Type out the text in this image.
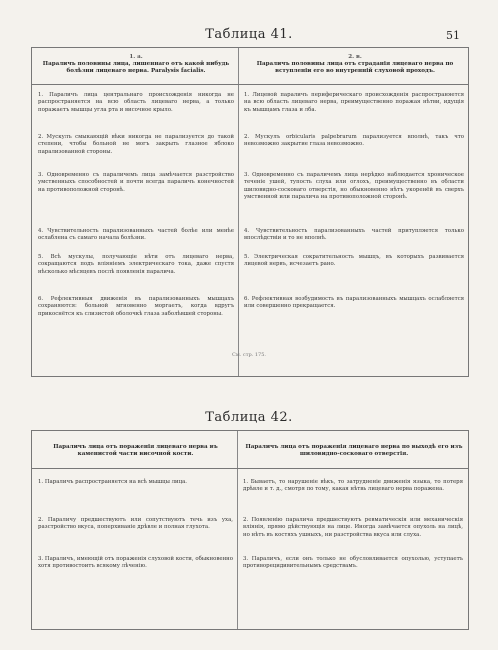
51
Таблица 41.
1. a.
Параличъ половины лица, лишеннаго отъ какой нибудь болѣзни лицеваго нерва. Paralysis facialis.
2. в.
Параличъ половины лица отъ страданія лицеваго нерва по вступленіи его во внутренній слуховой проходъ.
1. Параличъ лица центральнаго происхожденія никогда не распространяется на всю область лицеваго нерва, а только поражаетъ мышцы угла рта и височное крыло.
2. Мускулъ смыкающій вѣки никогда не парализуется до такой степени, чтобы больной не могъ закрыть глазное яблоко парализованной стороны.
3. Одновременно съ параличемъ лица замѣчается разстройство умственныхъ способностей и почти всегда параличъ конечностей на противоположной сторонѣ.
4. Чувствительность парализованныхъ частей болѣе или менѣе ослаблена съ самаго начала болѣзни.
5. Всѣ мускулы, получающіе нѣти отъ лицеваго нерва, сокращаются подъ вліяніемъ электрическаго тока, даже спустя нѣсколько мѣсяцевъ послѣ появленія паралича.
6. Рефлективныя движенія въ парализованныхъ мышцахъ сохраняются: больной мгновенно моргаетъ, когда вдругъ прикоснётся къ слизистой оболочкѣ глаза заболѣвшей стороны.
1. Лицевой параличъ периферическаго происхожденія распространяется на всю область лицеваго нерва, преимущественно поражая нѣтви, идущія къ мышцамъ глаза и лба.
2. Мускулъ orbicularis palpebrarum парализуется вполнѣ, такъ что невозможно закрытие глаза невозможно.
3. Одновременно съ параличемъ лица нерѣдко наблюдается хроническое теченіе ушей, тупость слуха или оглохъ, преимущественно въ области шиловидно-сосковаго отверстія, но обыкновенно нѣтъ укоренёй въ сверхъ умственной или паралича на противоположной сторонѣ.
4. Чувствительность парализованныхъ частей притупляется только впослѣдствіи и то не вполнѣ.
5. Электрическая сократительность мышцъ, въ которыхъ развивается лицевой нервъ, исчезаетъ рано.
6. Рефлективная возбудимость въ парализованныхъ мышцахъ ослабляется или совершенно прекращается.
См. стр. 175.
Таблица 42.
Параличъ лица отъ пораженія лицеваго нерва въ каменистой части височной кости.
Параличъ лица отъ пораженія лицеваго нерва по выходѣ его изъ шиловидно-сосковаго отверстія.
1. Параличъ распространяется на всѣ мышцы лица.
2. Параличу предшествуютъ или сопутствуютъ течь изъ уха, разстройство вкуса, поперхиваніе дрѣвле и полная глухота.
3. Параличъ, имеющій отъ пораженія слуховой кости, обыкновенно хотя противостоитъ всякому лѣченію.
1. Бываетъ, то нарушеніе вѣкъ, то затрудненіе движенія языка, то потеря дрѣвле и т. д., смотря по тому, какая нѣтвь лицеваго нерва поражена.
2. Появленію паралича предшествуютъ ревматическія или механическія вліянія, прямо дѣйствующія на лице. Иногда замѣчается опухоль на лицѣ, но нѣтъ въ костяхъ ушныхъ, ни разстройства вкуса или слуха.
3. Параличъ, если онъ только не обусловливается опухолью, уступаетъ противорецидивительнымъ средствамъ.
